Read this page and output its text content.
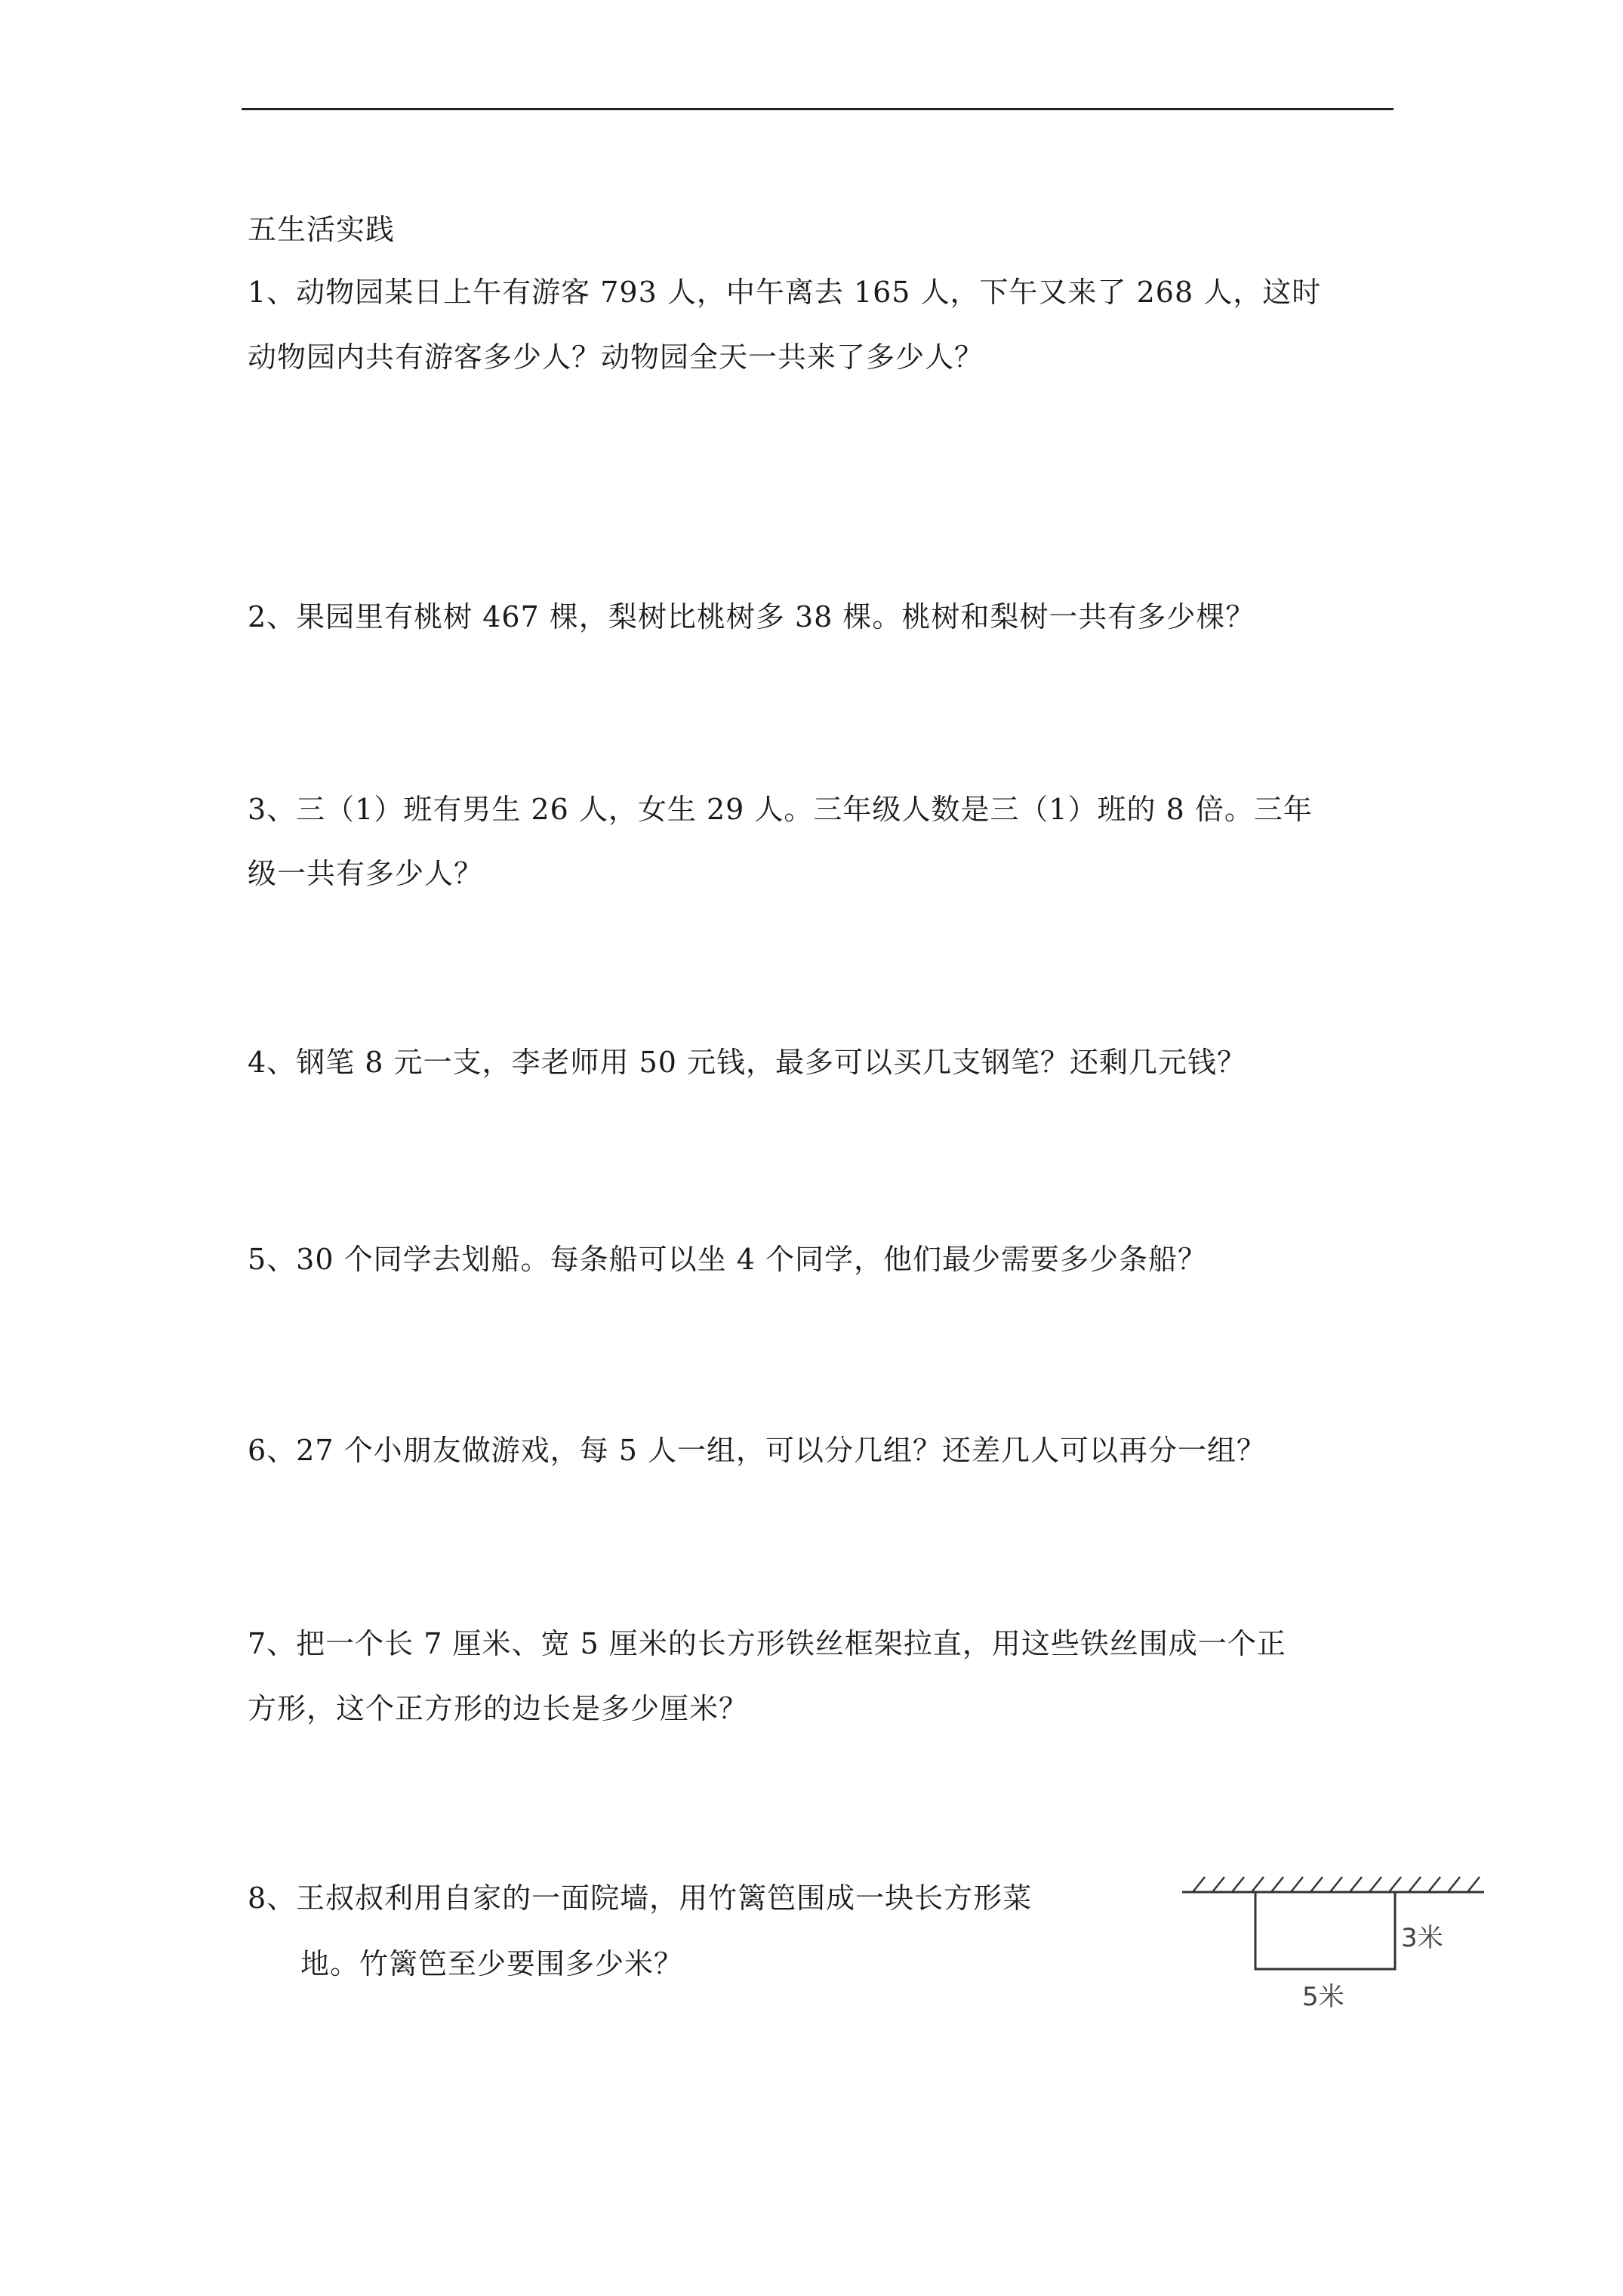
五生活实践
1、动物园某日上午有游客 793 人，中午离去 165 人，下午又来了 268 人，这时
动物园内共有游客多少人？动物园全天一共来了多少人？
2、果园里有桃树 467 棵，梨树比桃树多 38 棵。桃树和梨树一共有多少棵？
3、三（1）班有男生 26 人，女生 29 人。三年级人数是三（1）班的 8 倍。三年
级一共有多少人？
4、钢笔 8 元一支，李老师用 50 元钱，最多可以买几支钢笔？还剩几元钱？
5、30 个同学去划船。每条船可以坐 4 个同学，他们最少需要多少条船？
6、27 个小朋友做游戏，每 5 人一组，可以分几组？还差几人可以再分一组？
7、把一个长 7 厘米、宽 5 厘米的长方形铁丝框架拉直，用这些铁丝围成一个正
方形，这个正方形的边长是多少厘米？
8、王叔叔利用自家的一面院墙，用竹篱笆围成一块长方形菜
地。竹篱笆至少要围多少米？
3米
5米
